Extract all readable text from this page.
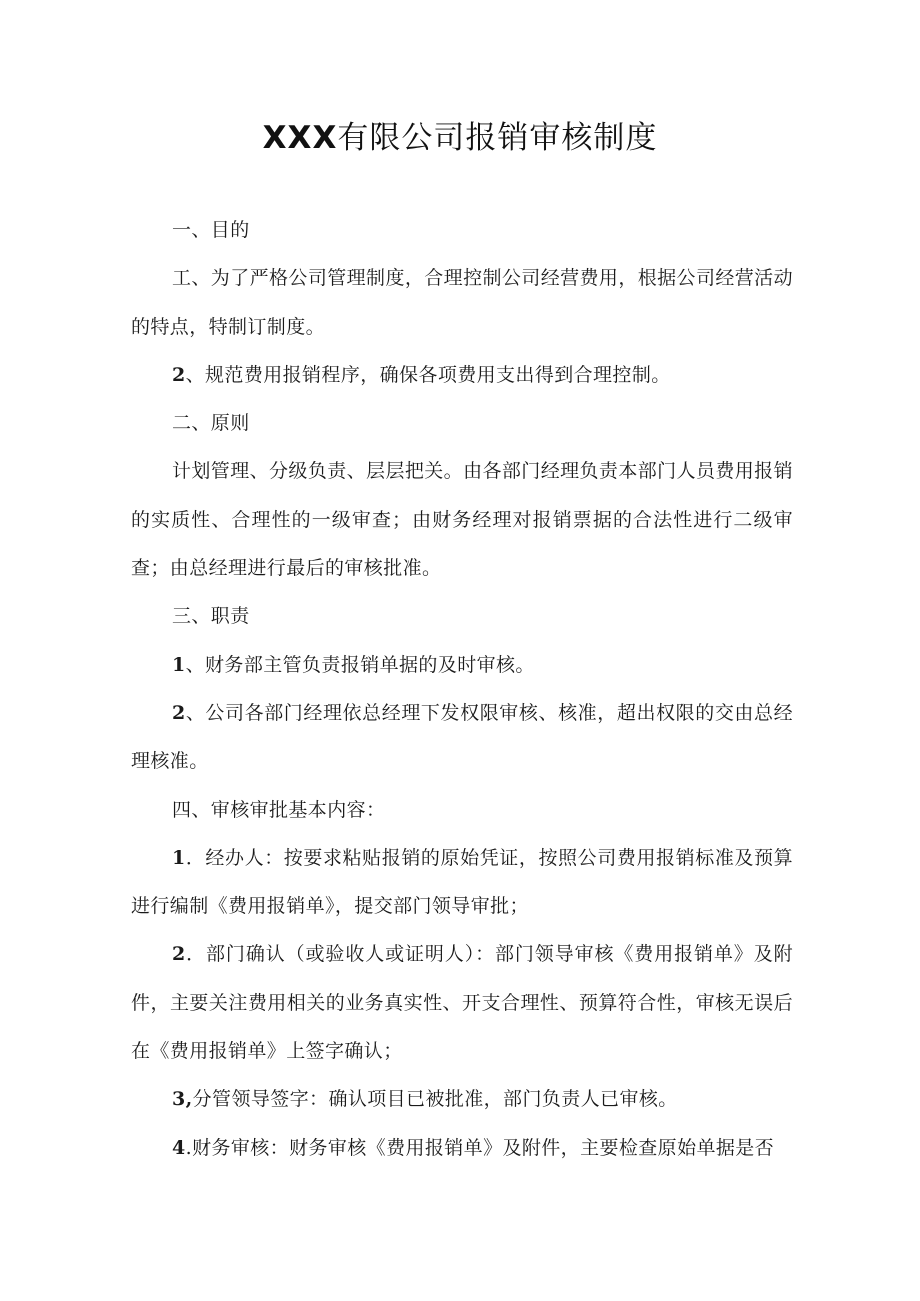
XXX有限公司报销审核制度

一、目的

工、为了严格公司管理制度，合理控制公司经营费用，根据公司经营活动的特点，特制订制度。

2、规范费用报销程序，确保各项费用支出得到合理控制。

二、原则

计划管理、分级负责、层层把关。由各部门经理负责本部门人员费用报销的实质性、合理性的一级审查；由财务经理对报销票据的合法性进行二级审查；由总经理进行最后的审核批准。

三、职责

1、财务部主管负责报销单据的及时审核。

2、公司各部门经理依总经理下发权限审核、核准，超出权限的交由总经理核准。

四、审核审批基本内容：

1．经办人：按要求粘贴报销的原始凭证，按照公司费用报销标准及预算进行编制《费用报销单》，提交部门领导审批；

2．部门确认（或验收人或证明人）：部门领导审核《费用报销单》及附件，主要关注费用相关的业务真实性、开支合理性、预算符合性，审核无误后在《费用报销单》上签字确认；

3,分管领导签字：确认项目已被批准，部门负责人已审核。

4.财务审核：财务审核《费用报销单》及附件，主要检查原始单据是否
